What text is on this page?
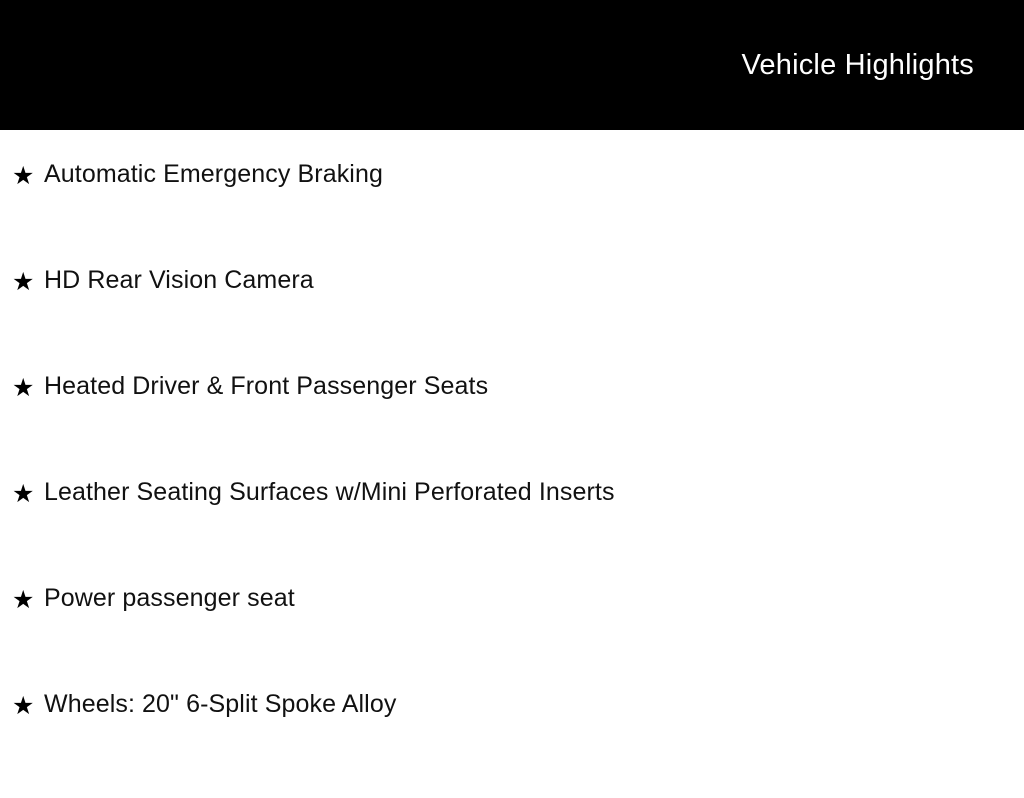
Vehicle Highlights
★ Automatic Emergency Braking
★ HD Rear Vision Camera
★ Heated Driver & Front Passenger Seats
★ Leather Seating Surfaces w/Mini Perforated Inserts
★ Power passenger seat
★ Wheels: 20" 6-Split Spoke Alloy
